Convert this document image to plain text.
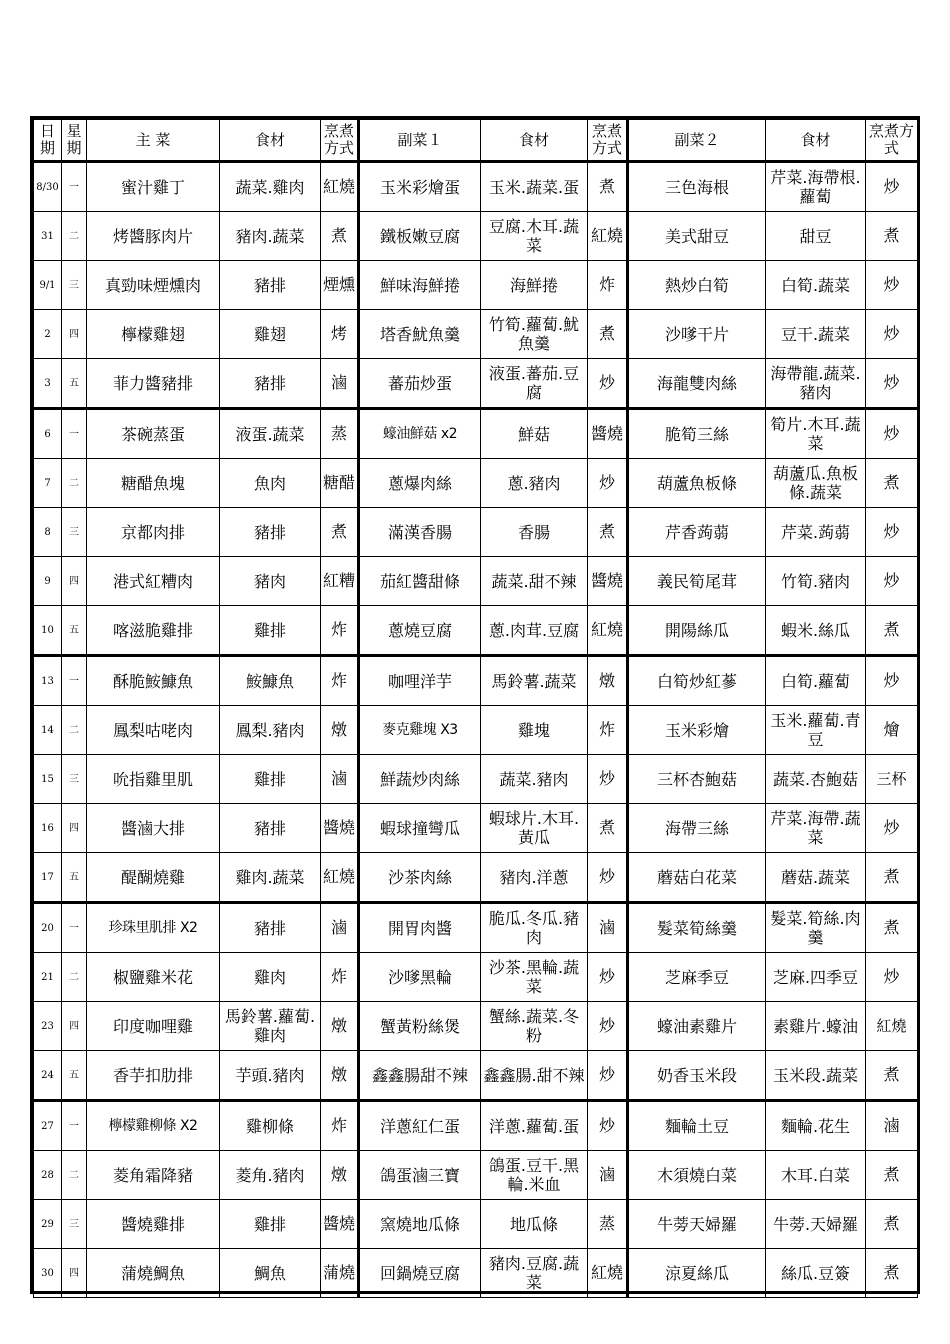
日期	星期	主 菜	食材	烹煮方式	副菜１	食材	烹煮方式	副菜２	食材	烹煮方式
8/30	一	蜜汁雞丁	蔬菜.雞肉	紅燒	玉米彩燴蛋	玉米.蔬菜.蛋	煮	三色海根	芹菜.海帶根.蘿蔔	炒
31	二	烤醬豚肉片	豬肉.蔬菜	煮	鐵板嫩豆腐	豆腐.木耳.蔬菜	紅燒	美式甜豆	甜豆	煮
9/1	三	真勁味煙燻肉	豬排	煙燻	鮮味海鮮捲	海鮮捲	炸	熱炒白筍	白筍.蔬菜	炒
2	四	檸檬雞翅	雞翅	烤	塔香魷魚羹	竹筍.蘿蔔.魷魚羹	煮	沙嗲干片	豆干.蔬菜	炒
3	五	菲力醬豬排	豬排	滷	蕃茄炒蛋	液蛋.蕃茄.豆腐	炒	海龍雙肉絲	海帶龍.蔬菜.豬肉	炒
6	一	茶碗蒸蛋	液蛋.蔬菜	蒸	蠔油鮮菇 x2	鮮菇	醬燒	脆筍三絲	筍片.木耳.蔬菜	炒
7	二	糖醋魚塊	魚肉	糖醋	蔥爆肉絲	蔥.豬肉	炒	葫蘆魚板條	葫蘆瓜.魚板條.蔬菜	煮
8	三	京都肉排	豬排	煮	滿漢香腸	香腸	煮	芹香蒟蒻	芹菜.蒟蒻	炒
9	四	港式紅糟肉	豬肉	紅糟	茄紅醬甜條	蔬菜.甜不辣	醬燒	義民筍尾茸	竹筍.豬肉	炒
10	五	喀滋脆雞排	雞排	炸	蔥燒豆腐	蔥.肉茸.豆腐	紅燒	開陽絲瓜	蝦米.絲瓜	煮
13	一	酥脆鮟鱇魚	鮟鱇魚	炸	咖哩洋芋	馬鈴薯.蔬菜	燉	白筍炒紅蔘	白筍.蘿蔔	炒
14	二	鳳梨咕咾肉	鳳梨.豬肉	燉	麥克雞塊 X3	雞塊	炸	玉米彩燴	玉米.蘿蔔.青豆	燴
15	三	吮指雞里肌	雞排	滷	鮮蔬炒肉絲	蔬菜.豬肉	炒	三杯杏鮑菇	蔬菜.杏鮑菇	三杯
16	四	醬滷大排	豬排	醬燒	蝦球撞彎瓜	蝦球片.木耳.黃瓜	煮	海帶三絲	芹菜.海帶.蔬菜	炒
17	五	醍醐燒雞	雞肉.蔬菜	紅燒	沙茶肉絲	豬肉.洋蔥	炒	蘑菇白花菜	蘑菇.蔬菜	煮
20	一	珍珠里肌排 X2	豬排	滷	開胃肉醬	脆瓜.冬瓜.豬肉	滷	髮菜筍絲羹	髮菜.筍絲.肉羹	煮
21	二	椒鹽雞米花	雞肉	炸	沙嗲黑輪	沙茶.黑輪.蔬菜	炒	芝麻季豆	芝麻.四季豆	炒
23	四	印度咖哩雞	馬鈴薯.蘿蔔.雞肉	燉	蟹黃粉絲煲	蟹絲.蔬菜.冬粉	炒	蠔油素雞片	素雞片.蠔油	紅燒
24	五	香芋扣肋排	芋頭.豬肉	燉	鑫鑫腸甜不辣	鑫鑫腸.甜不辣	炒	奶香玉米段	玉米段.蔬菜	煮
27	一	檸檬雞柳條 X2	雞柳條	炸	洋蔥紅仁蛋	洋蔥.蘿蔔.蛋	炒	麵輪土豆	麵輪.花生	滷
28	二	菱角霜降豬	菱角.豬肉	燉	鴿蛋滷三寶	鴿蛋.豆干.黑輪.米血	滷	木須燒白菜	木耳.白菜	煮
29	三	醬燒雞排	雞排	醬燒	窯燒地瓜條	地瓜條	蒸	牛蒡天婦羅	牛蒡.天婦羅	煮
30	四	蒲燒鯛魚	鯛魚	蒲燒	回鍋燒豆腐	豬肉.豆腐.蔬菜	紅燒	涼夏絲瓜	絲瓜.豆簽	煮
